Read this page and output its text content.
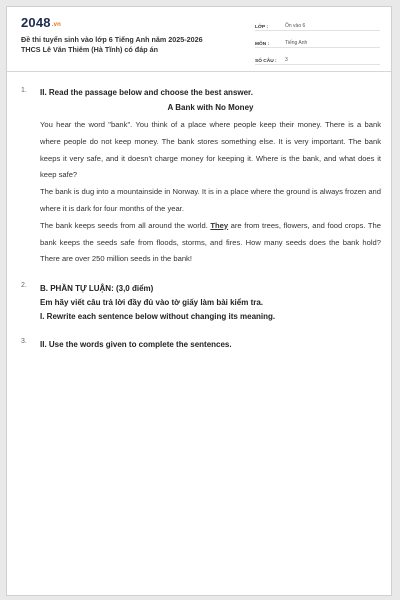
2048.vn
Đề thi tuyển sinh vào lớp 6 Tiếng Anh năm 2025-2026
THCS Lê Văn Thiêm (Hà Tĩnh) có đáp án
LỚP :	Ôn vào 6
MÔN :	Tiếng Anh
SỐ CÂU :	3
1. II. Read the passage below and choose the best answer.
A Bank with No Money

You hear the word "bank". You think of a place where people keep their money. There is a bank where people do not keep money. The bank stores something else. It is very important. The bank keeps it very safe, and it doesn't charge money for keeping it. Where is the bank, and what does it keep safe?

The bank is dug into a mountainside in Norway. It is in a place where the ground is always frozen and where it is dark for four months of the year.

The bank keeps seeds from all around the world. They are from trees, flowers, and food crops. The bank keeps the seeds safe from floods, storms, and fires. How many seeds does the bank hold? There are over 250 million seeds in the bank!

2. B. PHẦN TỰ LUẬN: (3,0 điểm)
Em hãy viết câu trả lời đầy đủ vào tờ giấy làm bài kiểm tra.
I. Rewrite each sentence below without changing its meaning.
3. II. Use the words given to complete the sentences.
